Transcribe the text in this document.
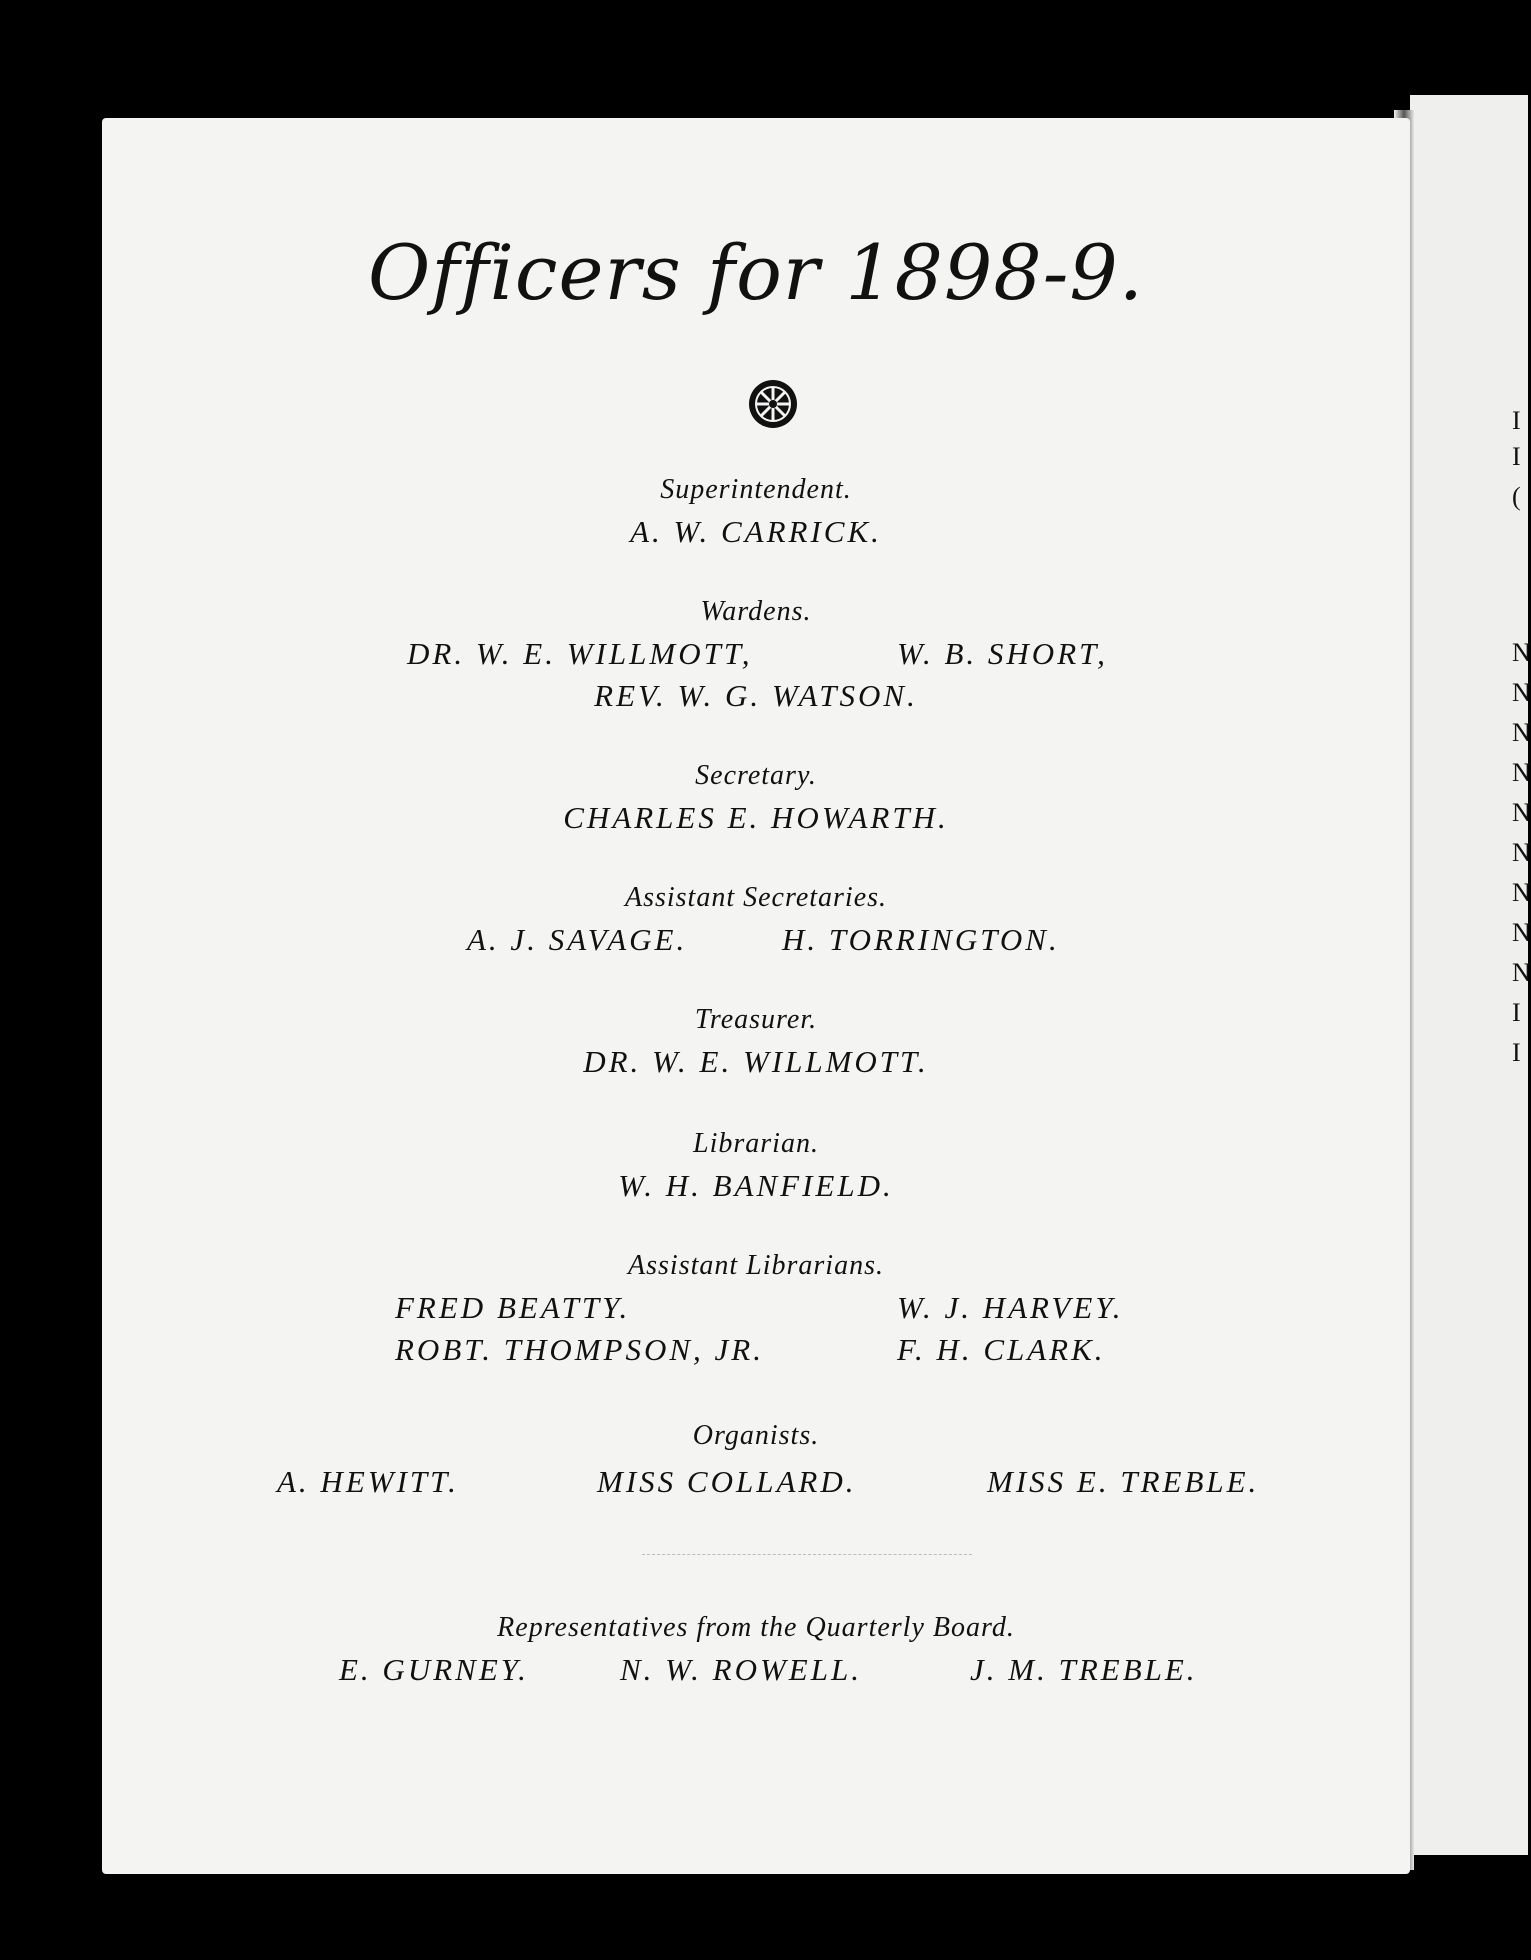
Officers for 1898-9.
Superintendent.
A. W. CARRICK.
Wardens.
DR. W. E. WILLMOTT,	W. B. SHORT,
REV. W. G. WATSON.
Secretary.
CHARLES E. HOWARTH.
Assistant Secretaries.
A. J. SAVAGE.	H. TORRINGTON.
Treasurer.
DR. W. E. WILLMOTT.
Librarian.
W. H. BANFIELD.
Assistant Librarians.
FRED BEATTY.	W. J. HARVEY.
ROBT. THOMPSON, JR.	F. H. CLARK.
Organists.
A. HEWITT.	MISS COLLARD.	MISS E. TREBLE.
Representatives from the Quarterly Board.
E. GURNEY.	N. W. ROWELL.	J. M. TREBLE.
I
I
(
N
N
N
N
N
N
N
N
N
I
I
